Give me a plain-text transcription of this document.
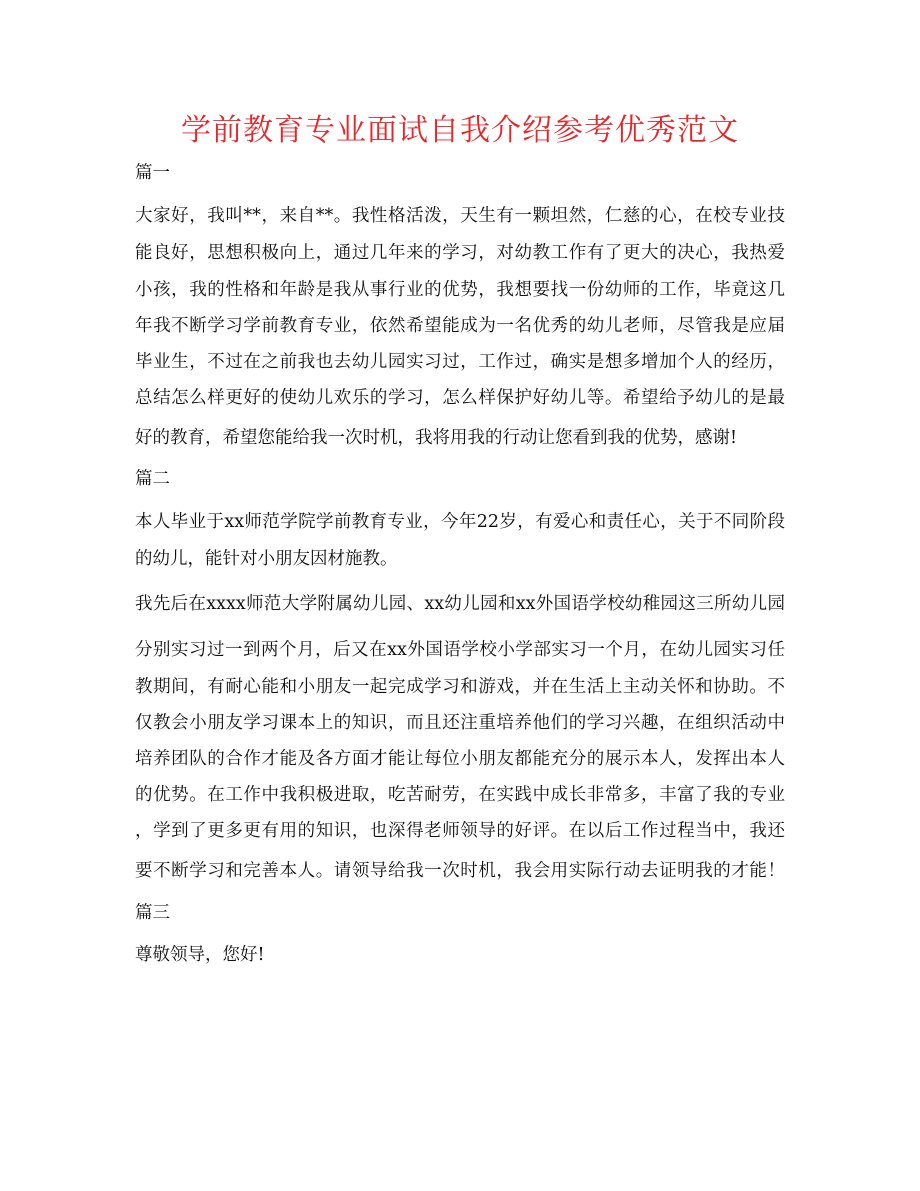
学前教育专业面试自我介绍参考优秀范文
篇一
大家好，我叫**，来自**。我性格活泼，天生有一颗坦然，仁慈的心，在校专业技
能良好，思想积极向上，通过几年来的学习，对幼教工作有了更大的决心，我热爱
小孩，我的性格和年龄是我从事行业的优势，我想要找一份幼师的工作，毕竟这几
年我不断学习学前教育专业，依然希望能成为一名优秀的幼儿老师，尽管我是应届
毕业生，不过在之前我也去幼儿园实习过，工作过，确实是想多增加个人的经历，
总结怎么样更好的使幼儿欢乐的学习，怎么样保护好幼儿等。希望给予幼儿的是最
好的教育，希望您能给我一次时机，我将用我的行动让您看到我的优势，感谢!
篇二
本人毕业于xx师范学院学前教育专业，今年22岁，有爱心和责任心，关于不同阶段
的幼儿，能针对小朋友因材施教。
我先后在xxxx师范大学附属幼儿园、xx幼儿园和xx外国语学校幼稚园这三所幼儿园
分别实习过一到两个月，后又在xx外国语学校小学部实习一个月，在幼儿园实习任
教期间，有耐心能和小朋友一起完成学习和游戏，并在生活上主动关怀和协助。不
仅教会小朋友学习课本上的知识，而且还注重培养他们的学习兴趣，在组织活动中
培养团队的合作才能及各方面才能让每位小朋友都能充分的展示本人，发挥出本人
的优势。在工作中我积极进取，吃苦耐劳，在实践中成长非常多，丰富了我的专业
，学到了更多更有用的知识，也深得老师领导的好评。在以后工作过程当中，我还
要不断学习和完善本人。请领导给我一次时机，我会用实际行动去证明我的才能！
篇三
尊敬领导，您好!
